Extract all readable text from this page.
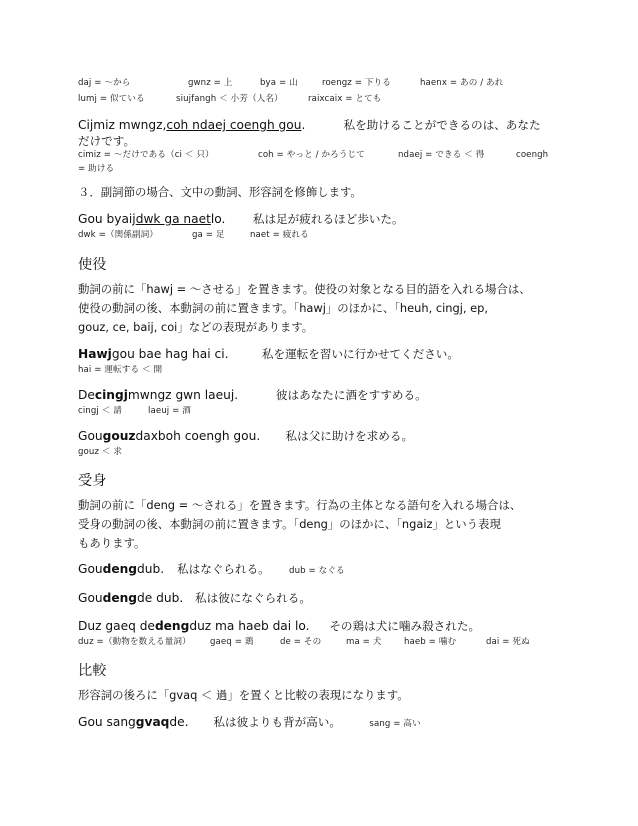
daj = ～から	gwnz = 上	bya = 山	roengz = 下りる	haenx = あの / あれ
lumj = 似ている	siujfangh ＜ 小芳（人名）	raixcaix = とても
Cijmiz mwngz,coh ndaej coengh gou.	私を助けることができるのは、あなた
だけです。
cimiz = ～だけである（ci ＜ 只）	coh = やっと / かろうじて	ndaej = できる ＜ 得	coengh
= 助ける
３．副詞節の場合、文中の動詞、形容詞を修飾します。
Gou byaijdwk ga naetlo. 私は足が疲れるほど歩いた。
dwk =（関係副詞）	ga = 足	naet = 疲れる
使役
動詞の前に「hawj = ～させる」を置きます。使役の対象となる目的語を入れる場合は、
使役の動詞の後、本動詞の前に置きます。「hawj」のほかに、「heuh, cingj, ep,
gouz, ce, baij, coi」などの表現があります。
Hawjgou bae hag hai ci.	私を運転を習いに行かせてください。
hai = 運転する ＜ 開
Decingjmwngz gwn laeuj.	彼はあなたに酒をすすめる。
cingj ＜ 請	laeuj = 酒
Gougouzdaxboh coengh gou. 私は父に助けを求める。
gouz ＜ 求
受身
動詞の前に「deng = ～される」を置きます。行為の主体となる語句を入れる場合は、
受身の動詞の後、本動詞の前に置きます。「deng」のほかに、「ngaiz」という表現
もあります。
Goudengdub. 私はなぐられる。 dub = なぐる
Goudengde dub. 私は彼になぐられる。
Duz gaeq dedengduz ma haeb dai lo. その鶏は犬に噛み殺された。
duz =（動物を数える量詞） gaeq = 鶏	de = その	ma = 犬	haeb = 噛む	dai = 死ぬ
比較
形容詞の後ろに「gvaq ＜ 過」を置くと比較の表現になります。
Gou sanggvaqde. 私は彼よりも背が高い。	sang = 高い
